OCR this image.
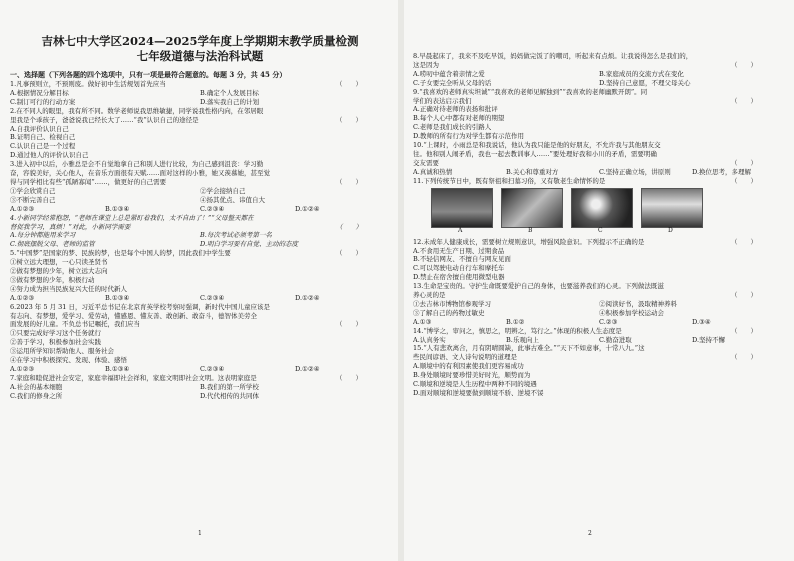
吉林七中大学区2024—2025学年度上学期期末教学质量检测
七年级道德与法治科试题
一、选择题（下列各题的四个选项中，只有一项是最符合题意的。每题 3 分，共 45 分）
1.凡事预则立，不预则废。做好初中生活规划首先应当	（　　）
A.根据情况分解目标	B.确定个人发展目标
C.制订可行的行动方案	D.落实我自己的计划
2.在不同人的眼里，我有所不同。数学老师说我思维敏捷，同学说我性格内向，在邻居眼
里我是个乖孩子，爸爸说我已经长大了……“我”认识自己的途径是	（　　）
A.自我评价认识自己
B.证明自己、检视自己
C.认识自己是一个过程
D.通过他人的评价认识自己
3.进入初中以后，小雅总是会不自觉地拿自己和别人进行比较，为自己感到沮丧：学习勤
奋，容貌美好，关心他人，在音乐方面很有天赋……面对这样的小雅，她又羡慕她，甚至觉
得与同学相比有些“孤陋寡闻”……，做更好的自己需要	（　　）
①学会欣赏自己	②学会接纳自己
③不断完善自己	④扬其优点、讳值自大
A.①②③	B.①③④	C.②③④	D.①②④
4.小新同学经常抱怨，“老师在课堂上总是紧盯着我们，太不自由了！”“父母整天都在
督促我学习，真烦！”对此，小新同学需要	（　　）
A.每分钟都能用来学习	B.每次考试必须考第一名
C.彻底摆脱父母、老师的监管	D.明白学习要有自觉、主动的态度
5.“中国梦”是国家的梦、民族的梦，也是每个中国人的梦，因此我们中学生要	（　　）
①树立远大理想，一心只读圣贤书
②做有梦想的少年，树立远大志向
③做有梦想的少年，积极行动
④努力成为担当民族复兴大任的时代新人
A.①②③	B.①③④	C.②③④	D.①②④
6.2023 年 5 月 31 日，习近平总书记在北京育英学校考察时强调，新时代中国儿童应该是
有志向、有梦想，爱学习、爱劳动，懂感恩、懂友善、敢创新、敢奋斗，德智体美劳全
面发展的好儿童。不负总书记嘱托，我们应当	（　　）
①只要完成好学习这个任务就行
②善于学习，积极参加社会实践
③运用所学知识帮助他人、服务社会
④在学习中积极探究、发现、体验、感悟
A.①②③	B.①③④	C.②③④	D.①②④
7.家庭和睦促进社会安定，家庭幸福即社会祥和，家庭文明即社会文明。这表明家庭是	（　　）
A.社会的基本细胞	B.我们的第一所学校
C.我们的修身之所	D.代代相传的共同体
1
8.早晨起床了，我来不及吃早饭，妈妈做完饭了的嘲司，听起来有点烦。让我说得怎么是我们的，
这是因为	（　　）
A.唠叨中蕴含着亲情之爱	B.家庭成员的交流方式在变化
C.子女要完全听从父母的话	D.坚持自己意愿，不理父母关心
9.“我喜欢的老师真实坦诚”“我喜欢的老师见解独到”“我喜欢的老师幽默开朗”。同
学们的表达启示我们	（　　）
A.正确对待老师的表扬和批评
B.每个人心中都有对老师的期望
C.老师是我们成长的引路人
D.教师的所有行为对学生都有示范作用
10.“上课时，小雨总是和我说话，他认为我只能是他的好朋友，不允许我与其他朋友交
往。他和别人闹矛盾，我也一起去教训事人……”要处理好我和小川的矛盾，需要明确
交友需要	（　　）
A.真诚和热情	B.关心和尊重对方	C.坚持正确立场，讲原则	D.换位思考，多理解
11.下列传统节日中，既有祭祖和扫墓习俗，又有敬老生命情怀的是	（　　）
A	B	C	D
12.未成年人健康成长，需要树立规则意识，增强风险意识。下列提示不正确的是	（　　）
A.不食用无生产日期、过期食品
B.不轻信网友、不擅自与网友见面
C.可以驾驶电动自行车和摩托车
D.禁止在宿舍擅自使用微型电器
13.生命是宝贵的。守护生命既要爱护自己的身体，也要滋养我们的心灵。下列做法既滋
养心灵的是	（　　）
①去吉林市博物馆参观学习	②阅读好书，汲取精神养料
③了解自己的药物过敏史	④积极参加学校运动会
A.①③	B.①②	C.②③	D.③④
14.“博学之，审问之，慎思之，明辨之，笃行之。”体现的积极人生态度是	（　　）
A.认真务实	B.乐观向上	C.勤奋进取	D.坚持不懈
15.“人有悲欢离合，月有阴晴圆缺，此事古难全。”“天下不如意事，十常八九。”这
些民间谚语、文人诗句说明的道理是	（　　）
A.顺境中的有利因素使我们更容易成功
B.身处顺境时要珍惜美好时光，顺势而为
C.顺境和逆境是人生历程中两种不同的境遇
D.面对顺境和逆境要做到顺境不骄、逆境不馁
2
